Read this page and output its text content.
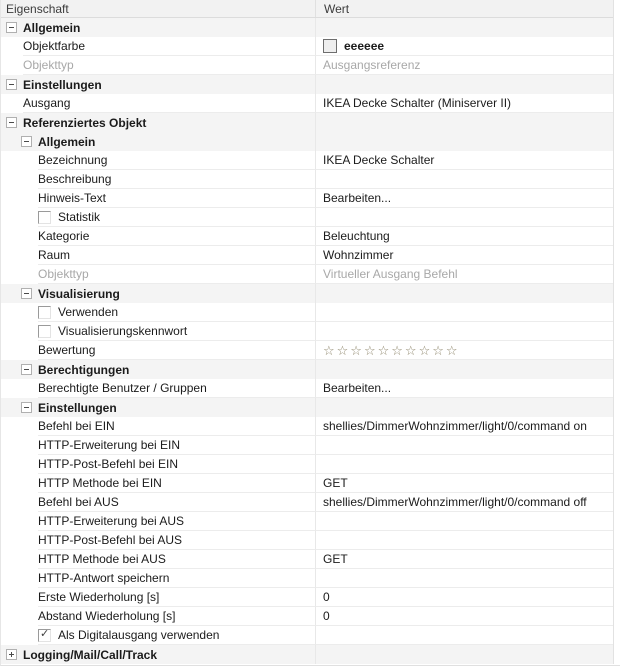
Eigenschaft	Wert
Allgemein
Objektfarbe	eeeeee
Objekttyp	Ausgangsreferenz
Einstellungen
Ausgang	IKEA Decke Schalter (Miniserver II)
Referenziertes Objekt
Allgemein
Bezeichnung	IKEA Decke Schalter
Beschreibung
Hinweis-Text	Bearbeiten...
Statistik
Kategorie	Beleuchtung
Raum	Wohnzimmer
Objekttyp	Virtueller Ausgang Befehl
Visualisierung
Verwenden
Visualisierungskennwort
Bewertung	☆☆☆☆☆☆☆☆☆☆
Berechtigungen
Berechtigte Benutzer / Gruppen	Bearbeiten...
Einstellungen
Befehl bei EIN	shellies/DimmerWohnzimmer/light/0/command on
HTTP-Erweiterung bei EIN
HTTP-Post-Befehl bei EIN
HTTP Methode bei EIN	GET
Befehl bei AUS	shellies/DimmerWohnzimmer/light/0/command off
HTTP-Erweiterung bei AUS
HTTP-Post-Befehl bei AUS
HTTP Methode bei AUS	GET
HTTP-Antwort speichern
Erste Wiederholung [s]	0
Abstand Wiederholung [s]	0
✓ Als Digitalausgang verwenden
Logging/Mail/Call/Track
